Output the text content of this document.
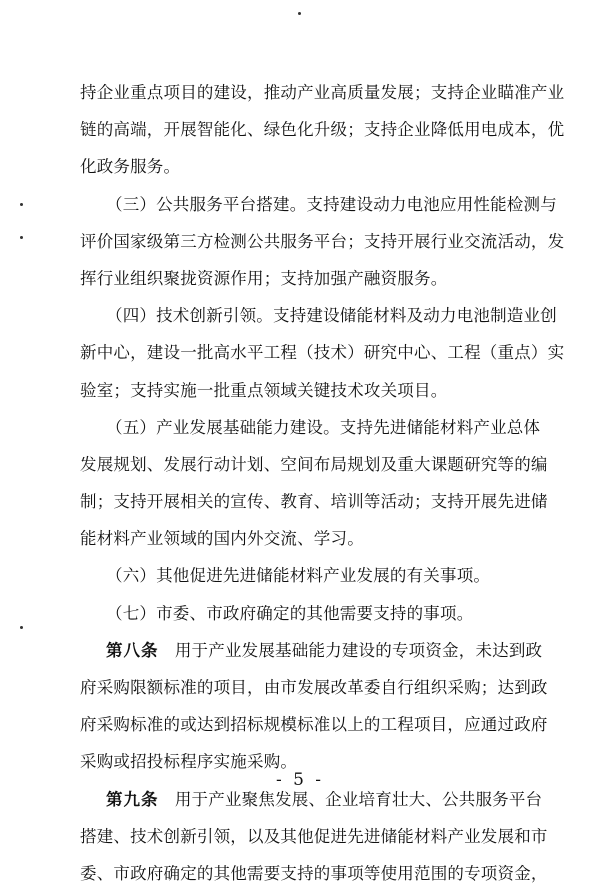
持企业重点项目的建设，推动产业高质量发展；支持企业瞄准产业
链的高端，开展智能化、绿色化升级；支持企业降低用电成本，优
化政务服务。
（三）公共服务平台搭建。支持建设动力电池应用性能检测与
评价国家级第三方检测公共服务平台；支持开展行业交流活动，发
挥行业组织聚拢资源作用；支持加强产融资服务。
（四）技术创新引领。支持建设储能材料及动力电池制造业创
新中心，建设一批高水平工程（技术）研究中心、工程（重点）实
验室；支持实施一批重点领域关键技术攻关项目。
（五）产业发展基础能力建设。支持先进储能材料产业总体
发展规划、发展行动计划、空间布局规划及重大课题研究等的编
制；支持开展相关的宣传、教育、培训等活动；支持开展先进储
能材料产业领域的国内外交流、学习。
（六）其他促进先进储能材料产业发展的有关事项。
（七）市委、市政府确定的其他需要支持的事项。
第八条 用于产业发展基础能力建设的专项资金，未达到政
府采购限额标准的项目，由市发展改革委自行组织采购；达到政
府采购标准的或达到招标规模标准以上的工程项目，应通过政府
采购或招投标程序实施采购。
第九条 用于产业聚焦发展、企业培育壮大、公共服务平台
搭建、技术创新引领，以及其他促进先进储能材料产业发展和市
委、市政府确定的其他需要支持的事项等使用范围的专项资金，
- 5 -
